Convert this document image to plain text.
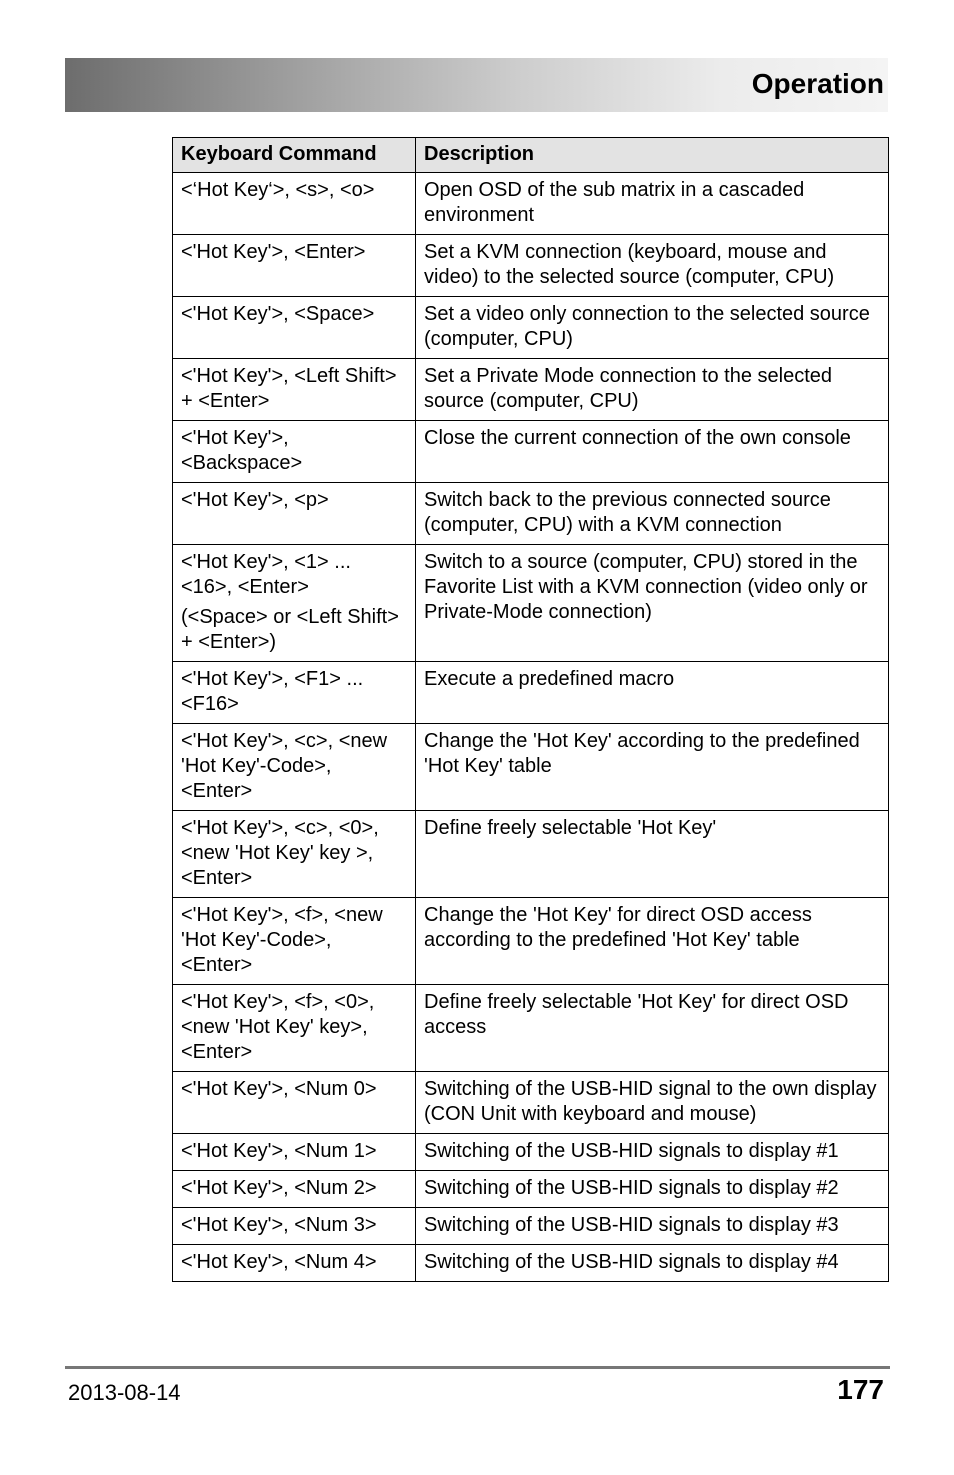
Operation
Keyboard Command	Description

<‘Hot Key‘>, <s>, <o>	Open OSD of the sub matrix in a cascaded environment

<'Hot Key'>, <Enter>	Set a KVM connection (keyboard, mouse and video) to the selected source (computer, CPU)

<'Hot Key'>, <Space>	Set a video only connection to the selected source (computer, CPU)

<'Hot Key'>, <Left Shift> + <Enter>	Set a Private Mode connection to the selected source (computer, CPU)

<'Hot Key'>, <Backspace>	Close the current connection of the own console

<'Hot Key'>, <p>	Switch back to the previous connected source (computer, CPU) with a KVM connection

<'Hot Key'>, <1> ... <16>, <Enter>
(<Space> or <Left Shift> + <Enter>)	Switch to a source (computer, CPU) stored in the Favorite List with a KVM connection (video only or Private-Mode connection)

<'Hot Key'>, <F1> ... <F16>	Execute a predefined macro

<'Hot Key'>, <c>, <new 'Hot Key'-Code>, <Enter>	Change the 'Hot Key' according to the predefined 'Hot Key' table

<'Hot Key'>, <c>, <0>, <new 'Hot Key' key >, <Enter>	Define freely selectable 'Hot Key'

<'Hot Key'>, <f>, <new 'Hot Key'-Code>, <Enter>	Change the 'Hot Key' for direct OSD access according to the predefined 'Hot Key' table

<'Hot Key'>, <f>, <0>, <new 'Hot Key' key>, <Enter>	Define freely selectable 'Hot Key' for direct OSD access

<'Hot Key'>, <Num 0>	Switching of the USB-HID signal to the own display (CON Unit with keyboard and mouse)

<'Hot Key'>, <Num 1>	Switching of the USB-HID signals to display #1

<'Hot Key'>, <Num 2>	Switching of the USB-HID signals to display #2

<'Hot Key'>, <Num 3>	Switching of the USB-HID signals to display #3

<'Hot Key'>, <Num 4>	Switching of the USB-HID signals to display #4
2013-08-14	177
